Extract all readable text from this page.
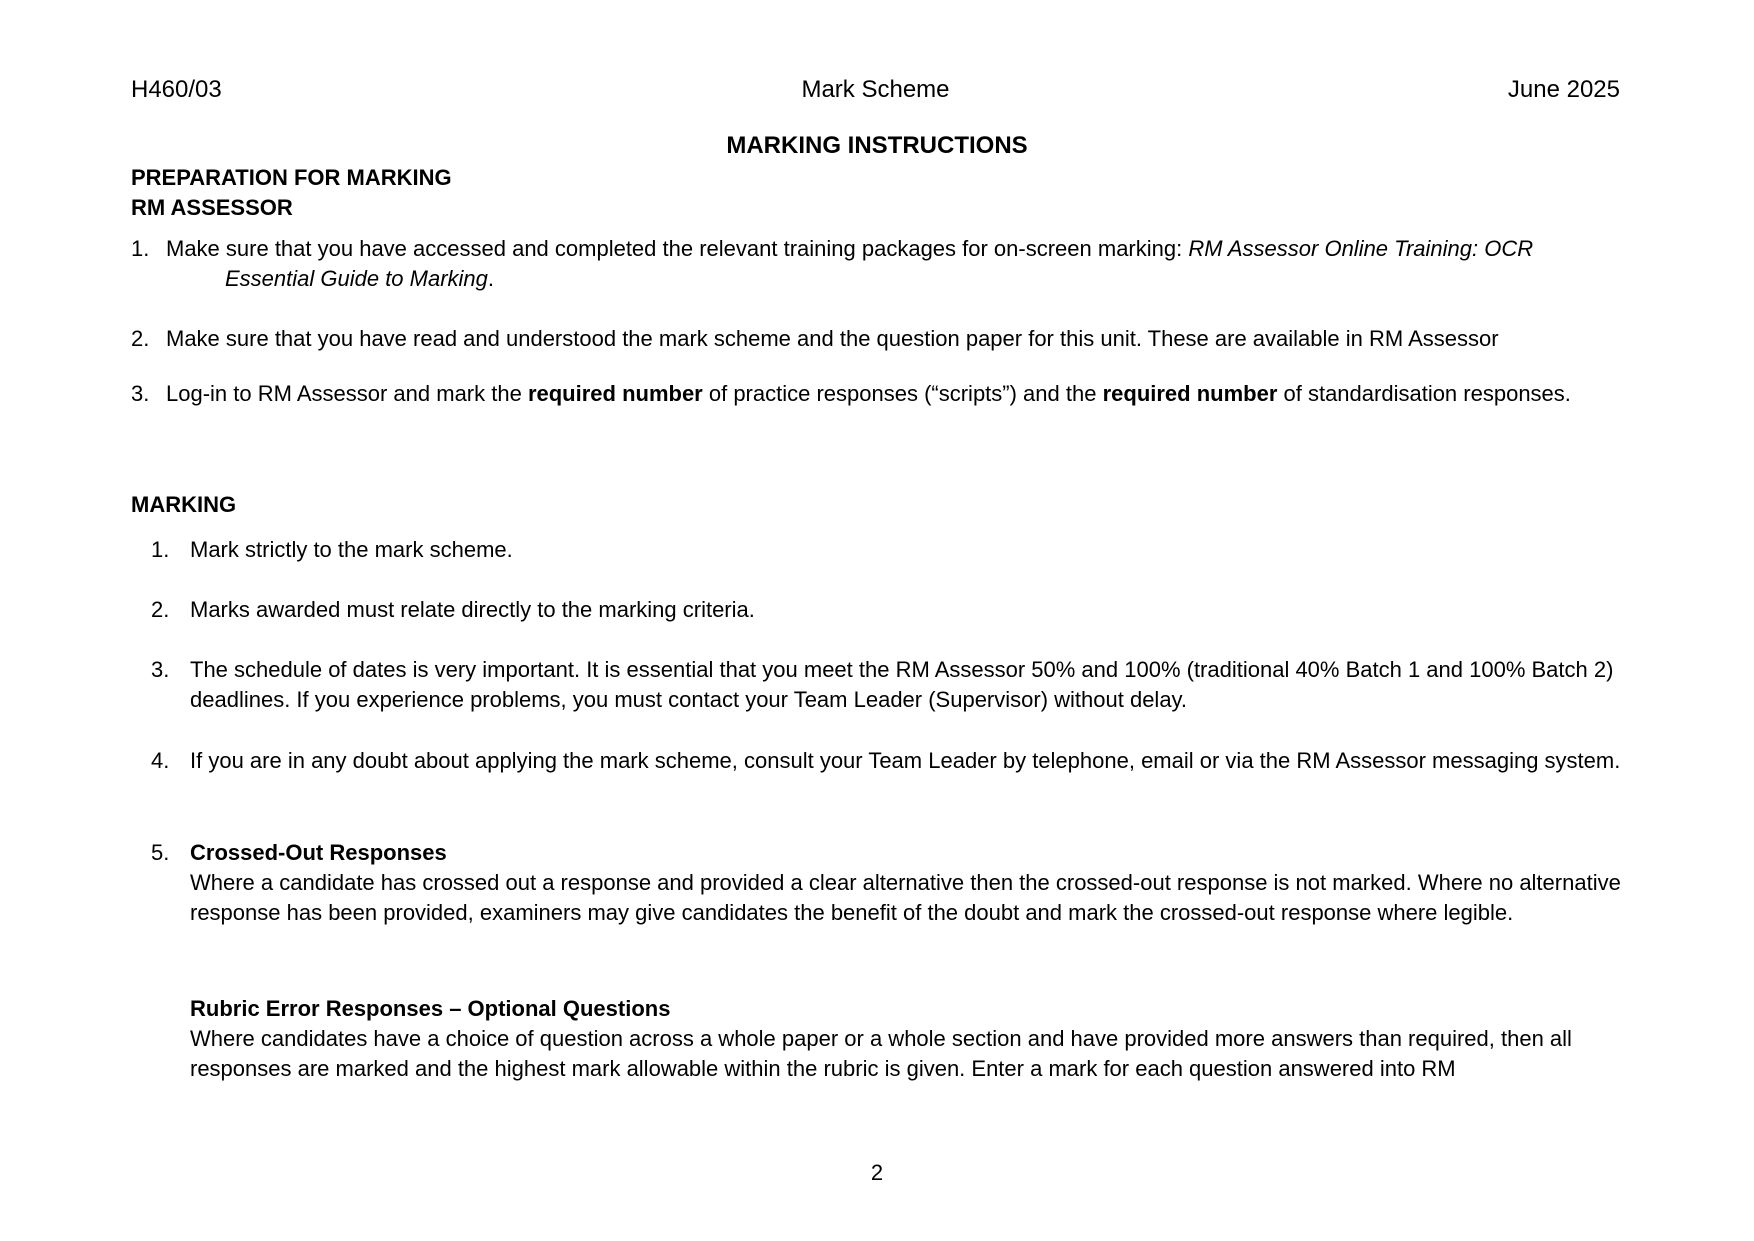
H460/03	Mark Scheme	June 2025
MARKING INSTRUCTIONS
PREPARATION FOR MARKING
RM ASSESSOR
1. Make sure that you have accessed and completed the relevant training packages for on-screen marking: RM Assessor Online Training: OCR Essential Guide to Marking.
2. Make sure that you have read and understood the mark scheme and the question paper for this unit. These are available in RM Assessor
3. Log-in to RM Assessor and mark the required number of practice responses (“scripts”) and the required number of standardisation responses.
MARKING
1. Mark strictly to the mark scheme.
2. Marks awarded must relate directly to the marking criteria.
3. The schedule of dates is very important. It is essential that you meet the RM Assessor 50% and 100% (traditional 40% Batch 1 and 100% Batch 2) deadlines. If you experience problems, you must contact your Team Leader (Supervisor) without delay.
4. If you are in any doubt about applying the mark scheme, consult your Team Leader by telephone, email or via the RM Assessor messaging system.
5. Crossed-Out Responses
Where a candidate has crossed out a response and provided a clear alternative then the crossed-out response is not marked. Where no alternative response has been provided, examiners may give candidates the benefit of the doubt and mark the crossed-out response where legible.
Rubric Error Responses – Optional Questions
Where candidates have a choice of question across a whole paper or a whole section and have provided more answers than required, then all responses are marked and the highest mark allowable within the rubric is given. Enter a mark for each question answered into RM
2
